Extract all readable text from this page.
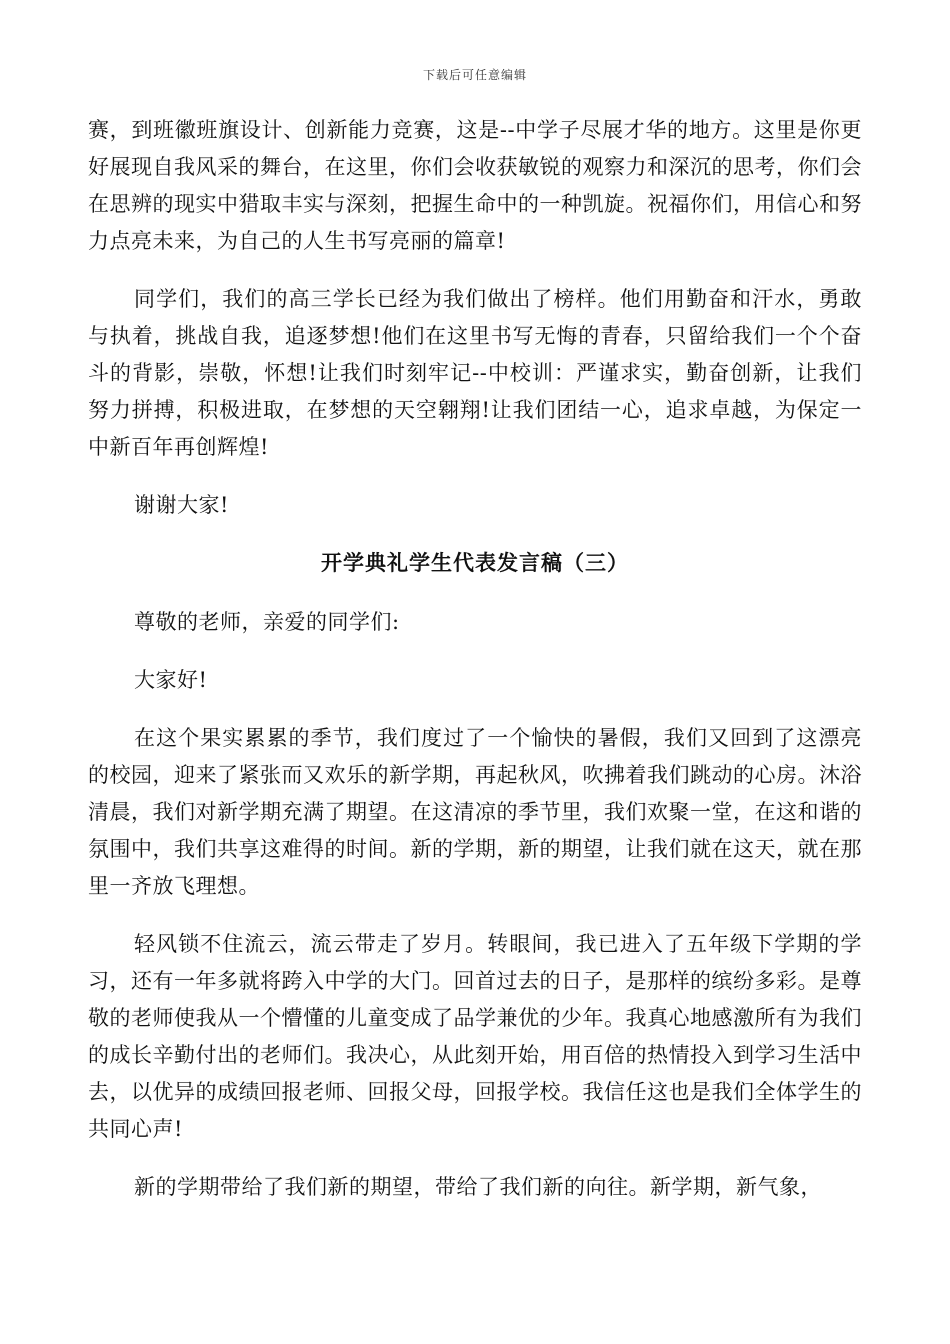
下载后可任意编辑

赛，到班徽班旗设计、创新能力竞赛，这是--中学子尽展才华的地方。这里是你更好展现自我风采的舞台，在这里，你们会收获敏锐的观察力和深沉的思考，你们会在思辨的现实中猎取丰实与深刻，把握生命中的一种凯旋。祝福你们，用信心和努力点亮未来，为自己的人生书写亮丽的篇章!

同学们，我们的高三学长已经为我们做出了榜样。他们用勤奋和汗水，勇敢与执着，挑战自我，追逐梦想!他们在这里书写无悔的青春，只留给我们一个个奋斗的背影，崇敬，怀想!让我们时刻牢记--中校训：严谨求实，勤奋创新，让我们努力拼搏，积极进取，在梦想的天空翱翔!让我们团结一心，追求卓越，为保定一中新百年再创辉煌!

谢谢大家!

开学典礼学生代表发言稿（三）

尊敬的老师，亲爱的同学们:

大家好!

在这个果实累累的季节，我们度过了一个愉快的暑假，我们又回到了这漂亮的校园，迎来了紧张而又欢乐的新学期，再起秋风，吹拂着我们跳动的心房。沐浴清晨，我们对新学期充满了期望。在这清凉的季节里，我们欢聚一堂，在这和谐的氛围中，我们共享这难得的时间。新的学期，新的期望，让我们就在这天，就在那里一齐放飞理想。

轻风锁不住流云，流云带走了岁月。转眼间，我已进入了五年级下学期的学习，还有一年多就将跨入中学的大门。回首过去的日子，是那样的缤纷多彩。是尊敬的老师使我从一个懵懂的儿童变成了品学兼优的少年。我真心地感激所有为我们的成长辛勤付出的老师们。我决心，从此刻开始，用百倍的热情投入到学习生活中去，以优异的成绩回报老师、回报父母，回报学校。我信任这也是我们全体学生的共同心声!

新的学期带给了我们新的期望，带给了我们新的向往。新学期，新气象，
